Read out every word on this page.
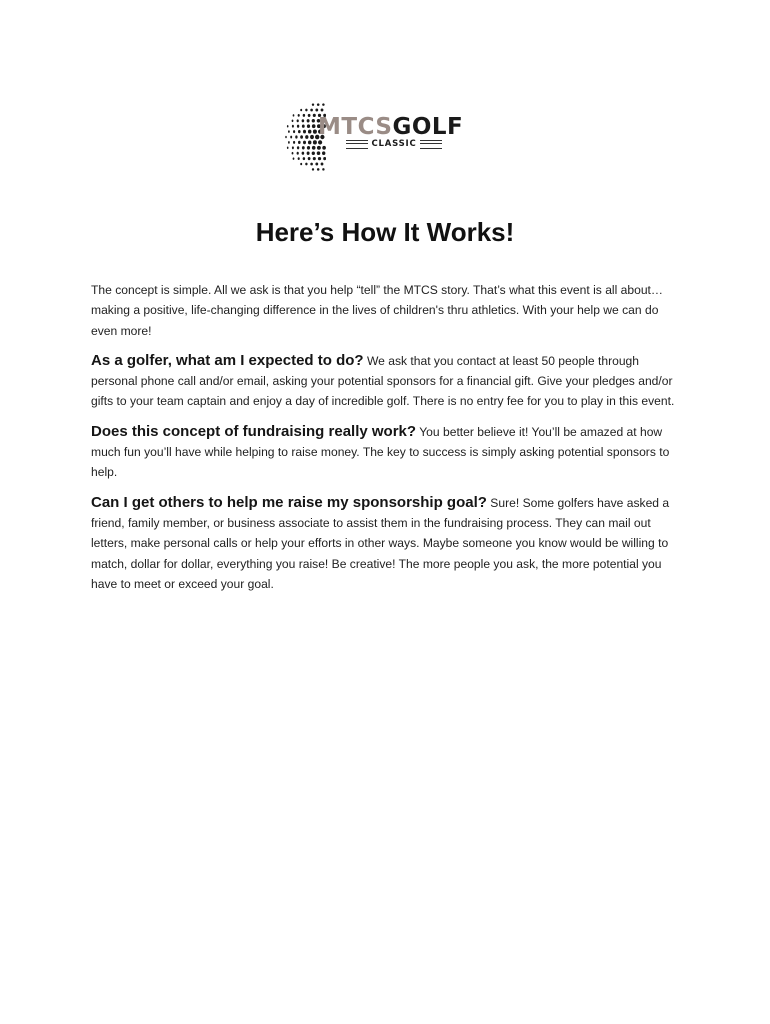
MTCSGOLF
CLASSIC
Here’s How It Works!

The concept is simple. All we ask is that you help “tell” the MTCS story. That’s what this event is all about…making a positive, life-changing difference in the lives of children's thru athletics. With your help we can do even more!

As a golfer, what am I expected to do? We ask that you contact at least 50 people through personal phone call and/or email, asking your potential sponsors for a financial gift. Give your pledges and/or gifts to your team captain and enjoy a day of incredible golf. There is no entry fee for you to play in this event.

Does this concept of fundraising really work? You better believe it! You’ll be amazed at how much fun you’ll have while helping to raise money. The key to success is simply asking potential sponsors to help.

Can I get others to help me raise my sponsorship goal? Sure! Some golfers have asked a friend, family member, or business associate to assist them in the fundraising process. They can mail out letters, make personal calls or help your efforts in other ways. Maybe someone you know would be willing to match, dollar for dollar, everything you raise! Be creative! The more people you ask, the more potential you have to meet or exceed your goal.
